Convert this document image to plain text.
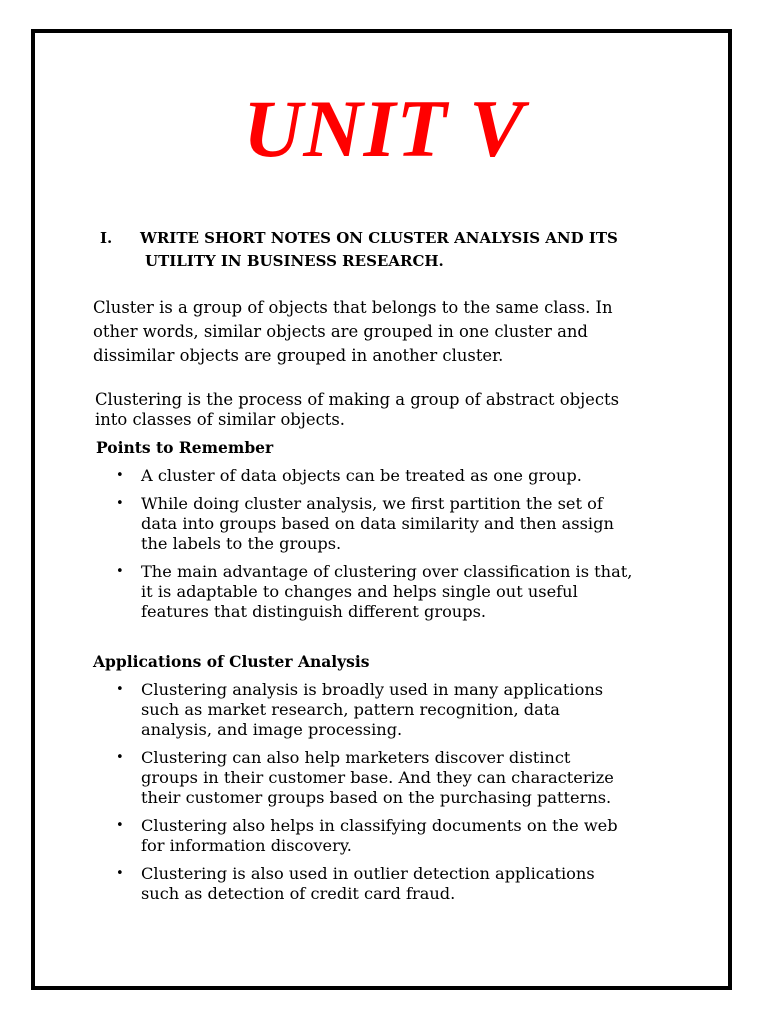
UNIT V
I. WRITE SHORT NOTES ON CLUSTER ANALYSIS AND ITS
UTILITY IN BUSINESS RESEARCH.
Cluster is a group of objects that belongs to the same class. In
other words, similar objects are grouped in one cluster and
dissimilar objects are grouped in another cluster.
Clustering is the process of making a group of abstract objects
into classes of similar objects.
Points to Remember
• A cluster of data objects can be treated as one group.
• While doing cluster analysis, we first partition the set of
data into groups based on data similarity and then assign
the labels to the groups.
• The main advantage of clustering over classification is that,
it is adaptable to changes and helps single out useful
features that distinguish different groups.
Applications of Cluster Analysis
• Clustering analysis is broadly used in many applications
such as market research, pattern recognition, data
analysis, and image processing.
• Clustering can also help marketers discover distinct
groups in their customer base. And they can characterize
their customer groups based on the purchasing patterns.
• Clustering also helps in classifying documents on the web
for information discovery.
• Clustering is also used in outlier detection applications
such as detection of credit card fraud.
